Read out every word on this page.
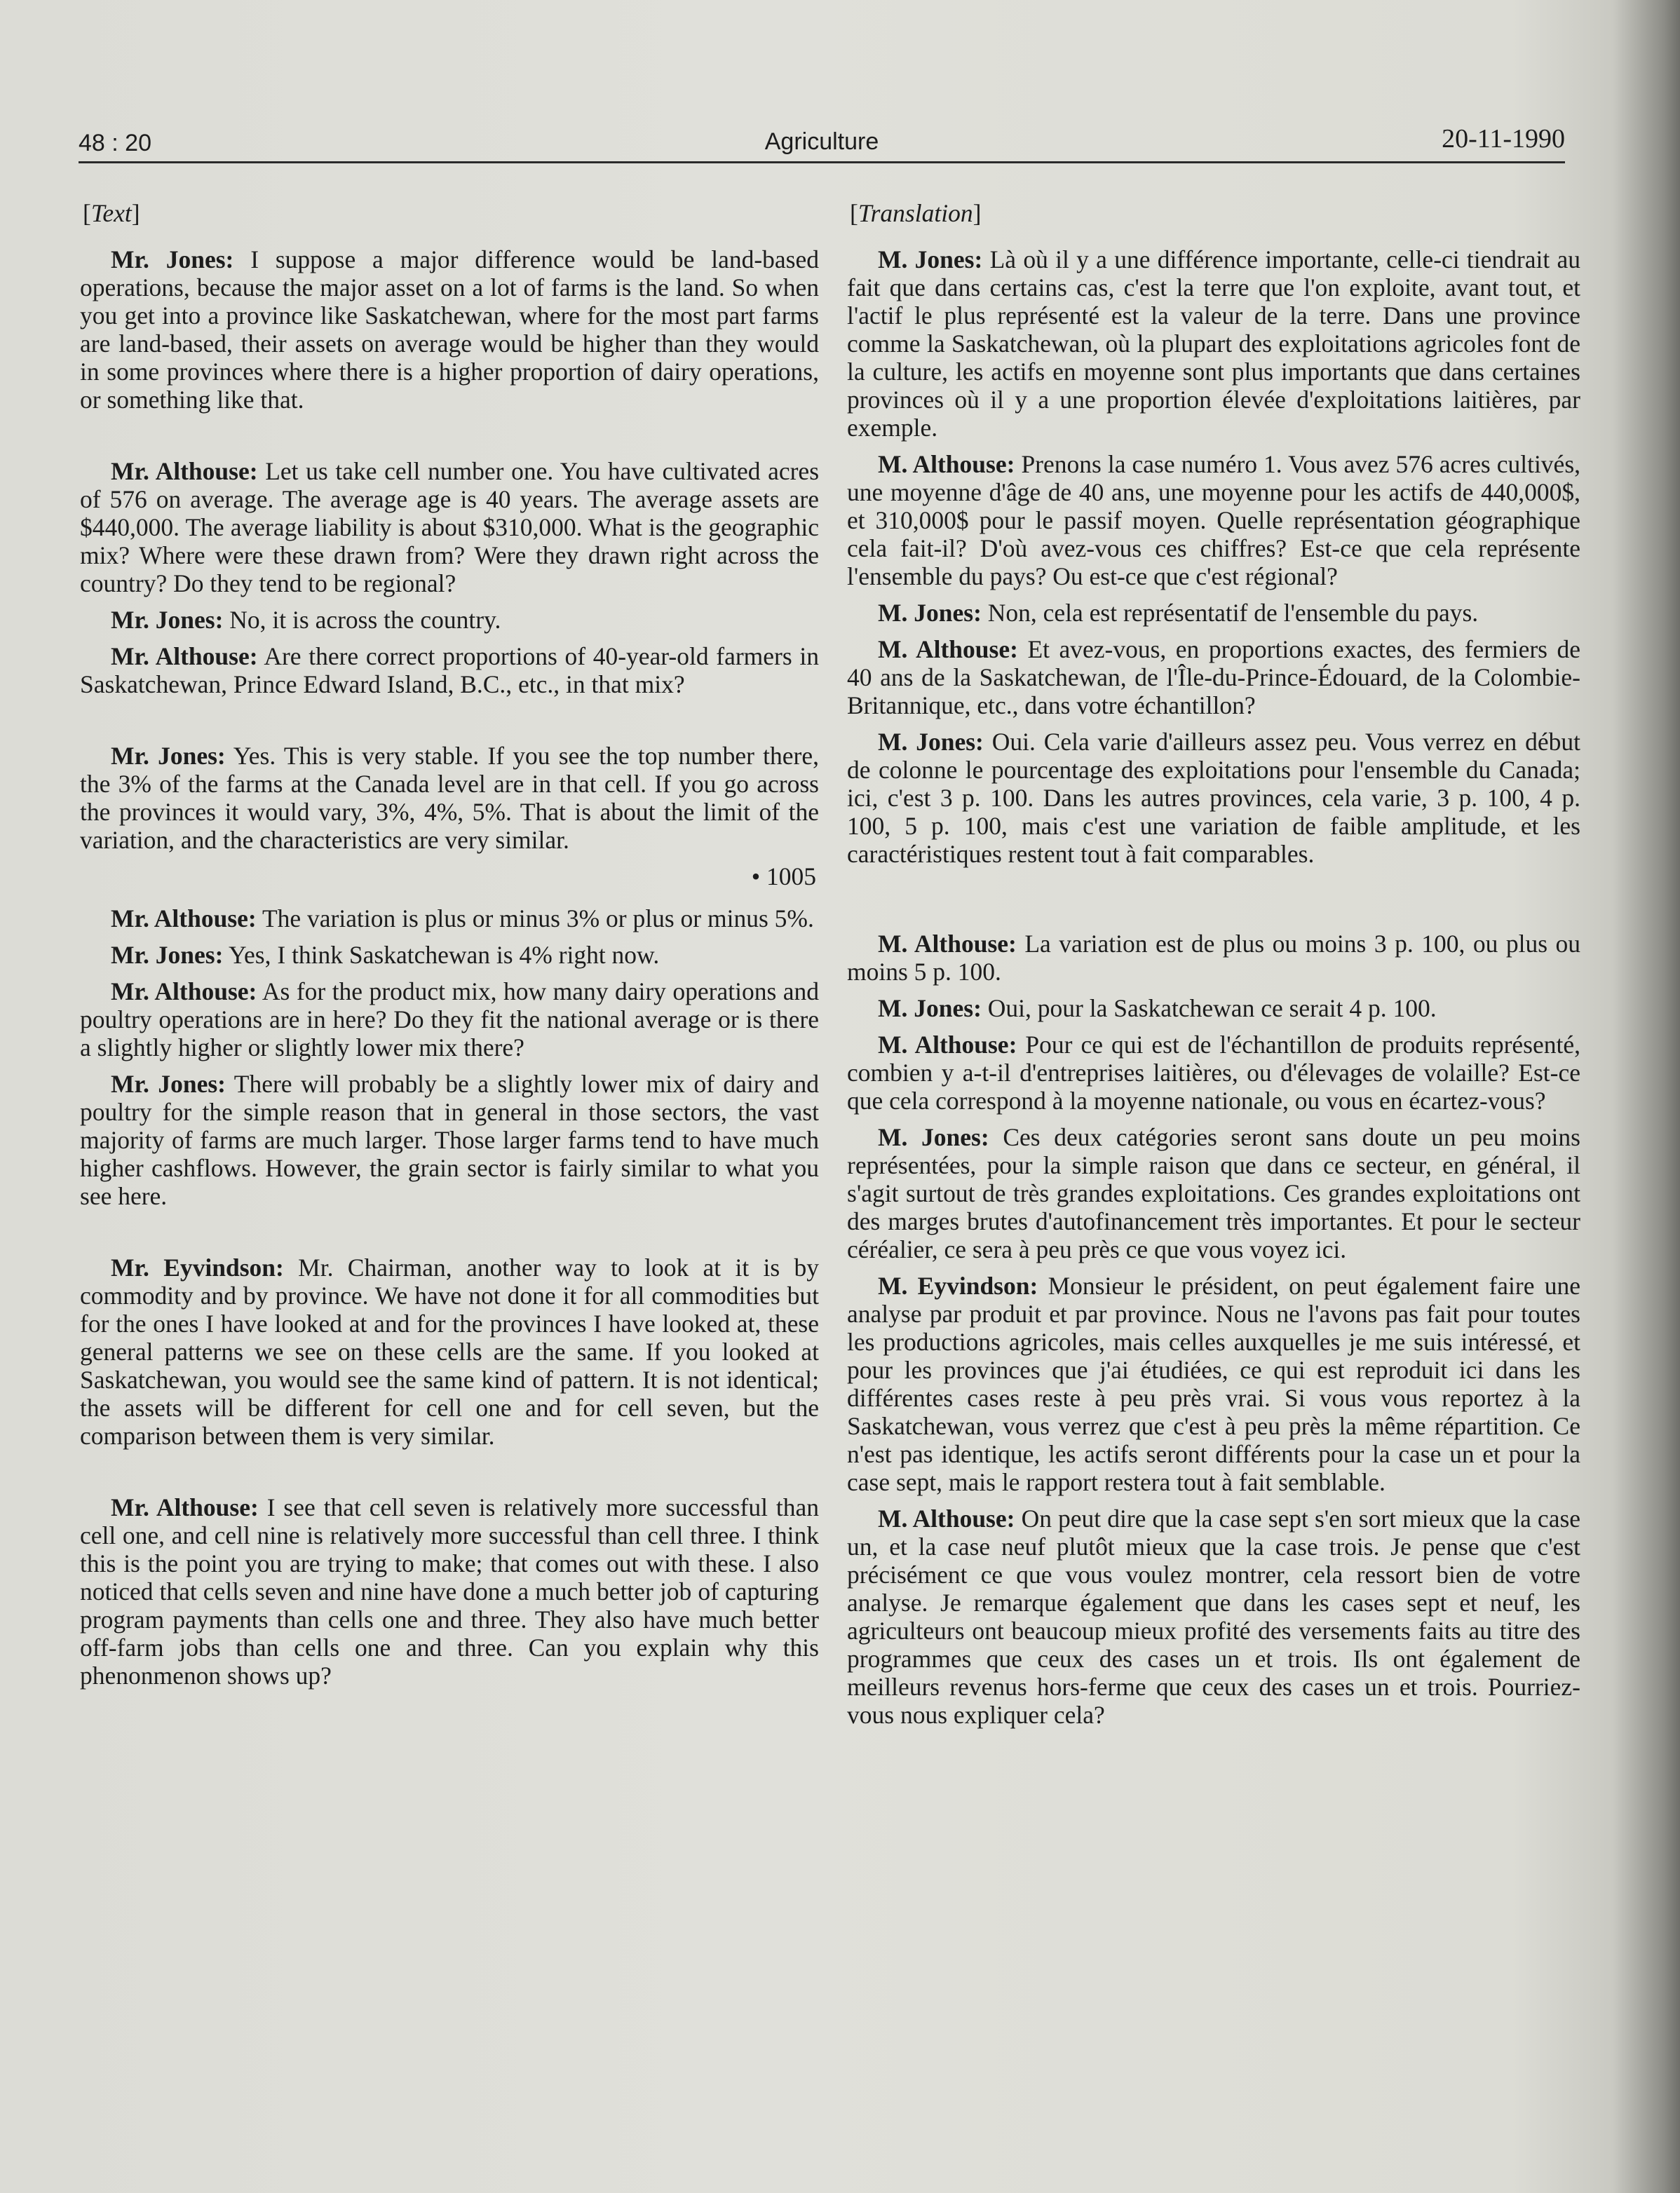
48 : 20	Agriculture	20-11-1990
[Text]

Mr. Jones: I suppose a major difference would be land-based operations, because the major asset on a lot of farms is the land. So when you get into a province like Saskatchewan, where for the most part farms are land-based, their assets on average would be higher than they would in some provinces where there is a higher proportion of dairy operations, or something like that.

Mr. Althouse: Let us take cell number one. You have cultivated acres of 576 on average. The average age is 40 years. The average assets are $440,000. The average liability is about $310,000. What is the geographic mix? Where were these drawn from? Were they drawn right across the country? Do they tend to be regional?

Mr. Jones: No, it is across the country.

Mr. Althouse: Are there correct proportions of 40-year-old farmers in Saskatchewan, Prince Edward Island, B.C., etc., in that mix?

Mr. Jones: Yes. This is very stable. If you see the top number there, the 3% of the farms at the Canada level are in that cell. If you go across the provinces it would vary, 3%, 4%, 5%. That is about the limit of the variation, and the characteristics are very similar.

• 1005

Mr. Althouse: The variation is plus or minus 3% or plus or minus 5%.

Mr. Jones: Yes, I think Saskatchewan is 4% right now.

Mr. Althouse: As for the product mix, how many dairy operations and poultry operations are in here? Do they fit the national average or is there a slightly higher or slightly lower mix there?

Mr. Jones: There will probably be a slightly lower mix of dairy and poultry for the simple reason that in general in those sectors, the vast majority of farms are much larger. Those larger farms tend to have much higher cashflows. However, the grain sector is fairly similar to what you see here.

Mr. Eyvindson: Mr. Chairman, another way to look at it is by commodity and by province. We have not done it for all commodities but for the ones I have looked at and for the provinces I have looked at, these general patterns we see on these cells are the same. If you looked at Saskatchewan, you would see the same kind of pattern. It is not identical; the assets will be different for cell one and for cell seven, but the comparison between them is very similar.

Mr. Althouse: I see that cell seven is relatively more successful than cell one, and cell nine is relatively more successful than cell three. I think this is the point you are trying to make; that comes out with these. I also noticed that cells seven and nine have done a much better job of capturing program payments than cells one and three. They also have much better off-farm jobs than cells one and three. Can you explain why this phenonmenon shows up?

[Translation]

M. Jones: Là où il y a une différence importante, celle-ci tiendrait au fait que dans certains cas, c'est la terre que l'on exploite, avant tout, et l'actif le plus représenté est la valeur de la terre. Dans une province comme la Saskatchewan, où la plupart des exploitations agricoles font de la culture, les actifs en moyenne sont plus importants que dans certaines provinces où il y a une proportion élevée d'exploitations laitières, par exemple.

M. Althouse: Prenons la case numéro 1. Vous avez 576 acres cultivés, une moyenne d'âge de 40 ans, une moyenne pour les actifs de 440,000$, et 310,000$ pour le passif moyen. Quelle représentation géographique cela fait-il? D'où avez-vous ces chiffres? Est-ce que cela représente l'ensemble du pays? Ou est-ce que c'est régional?

M. Jones: Non, cela est représentatif de l'ensemble du pays.

M. Althouse: Et avez-vous, en proportions exactes, des fermiers de 40 ans de la Saskatchewan, de l'Île-du-Prince-Édouard, de la Colombie-Britannique, etc., dans votre échantillon?

M. Jones: Oui. Cela varie d'ailleurs assez peu. Vous verrez en début de colonne le pourcentage des exploitations pour l'ensemble du Canada; ici, c'est 3 p. 100. Dans les autres provinces, cela varie, 3 p. 100, 4 p. 100, 5 p. 100, mais c'est une variation de faible amplitude, et les caractéristiques restent tout à fait comparables.

M. Althouse: La variation est de plus ou moins 3 p. 100, ou plus ou moins 5 p. 100.

M. Jones: Oui, pour la Saskatchewan ce serait 4 p. 100.

M. Althouse: Pour ce qui est de l'échantillon de produits représenté, combien y a-t-il d'entreprises laitières, ou d'élevages de volaille? Est-ce que cela correspond à la moyenne nationale, ou vous en écartez-vous?

M. Jones: Ces deux catégories seront sans doute un peu moins représentées, pour la simple raison que dans ce secteur, en général, il s'agit surtout de très grandes exploitations. Ces grandes exploitations ont des marges brutes d'autofinancement très importantes. Et pour le secteur céréalier, ce sera à peu près ce que vous voyez ici.

M. Eyvindson: Monsieur le président, on peut également faire une analyse par produit et par province. Nous ne l'avons pas fait pour toutes les productions agricoles, mais celles auxquelles je me suis intéressé, et pour les provinces que j'ai étudiées, ce qui est reproduit ici dans les différentes cases reste à peu près vrai. Si vous vous reportez à la Saskatchewan, vous verrez que c'est à peu près la même répartition. Ce n'est pas identique, les actifs seront différents pour la case un et pour la case sept, mais le rapport restera tout à fait semblable.

M. Althouse: On peut dire que la case sept s'en sort mieux que la case un, et la case neuf plutôt mieux que la case trois. Je pense que c'est précisément ce que vous voulez montrer, cela ressort bien de votre analyse. Je remarque également que dans les cases sept et neuf, les agriculteurs ont beaucoup mieux profité des versements faits au titre des programmes que ceux des cases un et trois. Ils ont également de meilleurs revenus hors-ferme que ceux des cases un et trois. Pourriez-vous nous expliquer cela?
